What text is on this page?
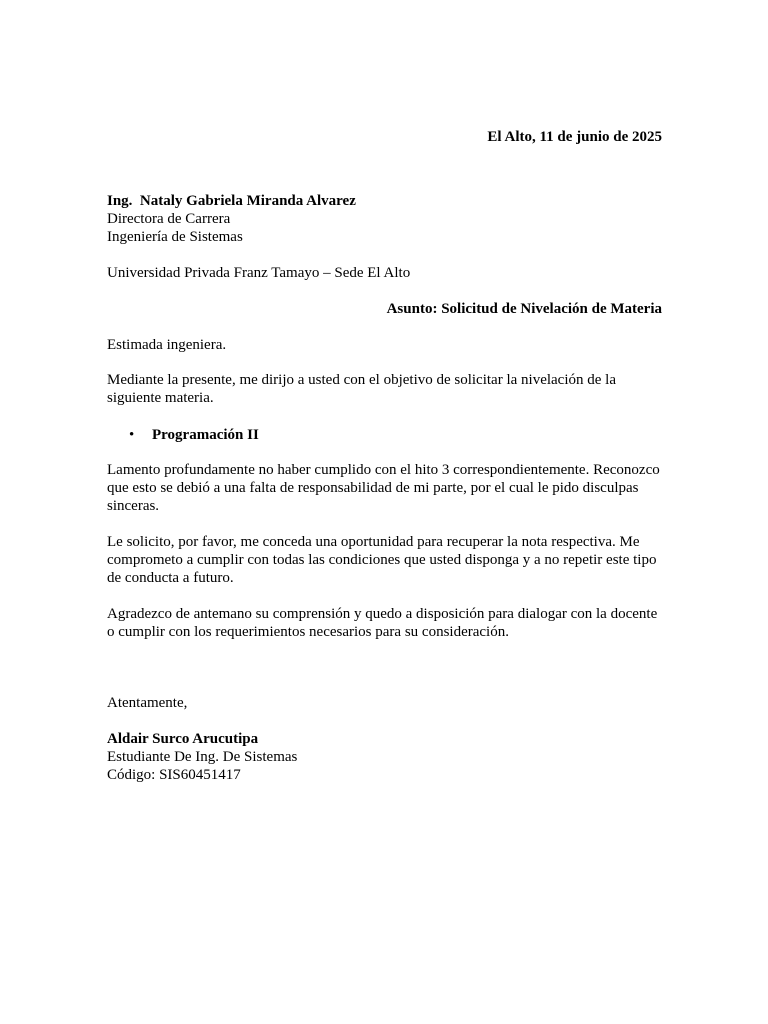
El Alto, 11 de junio de 2025
Ing.  Nataly Gabriela Miranda Alvarez
Directora de Carrera
Ingeniería de Sistemas
Universidad Privada Franz Tamayo – Sede El Alto
Asunto: Solicitud de Nivelación de Materia
Estimada ingeniera.

Mediante la presente, me dirijo a usted con el objetivo de solicitar la nivelación de la siguiente materia.

• Programación II

Lamento profundamente no haber cumplido con el hito 3 correspondientemente. Reconozco que esto se debió a una falta de responsabilidad de mi parte, por el cual le pido disculpas sinceras.

Le solicito, por favor, me conceda una oportunidad para recuperar la nota respectiva. Me comprometo a cumplir con todas las condiciones que usted disponga y a no repetir este tipo de conducta a futuro.

Agradezco de antemano su comprensión y quedo a disposición para dialogar con la docente o cumplir con los requerimientos necesarios para su consideración.

Atentamente,
Aldair Surco Arucutipa
Estudiante De Ing. De Sistemas
Código: SIS60451417
